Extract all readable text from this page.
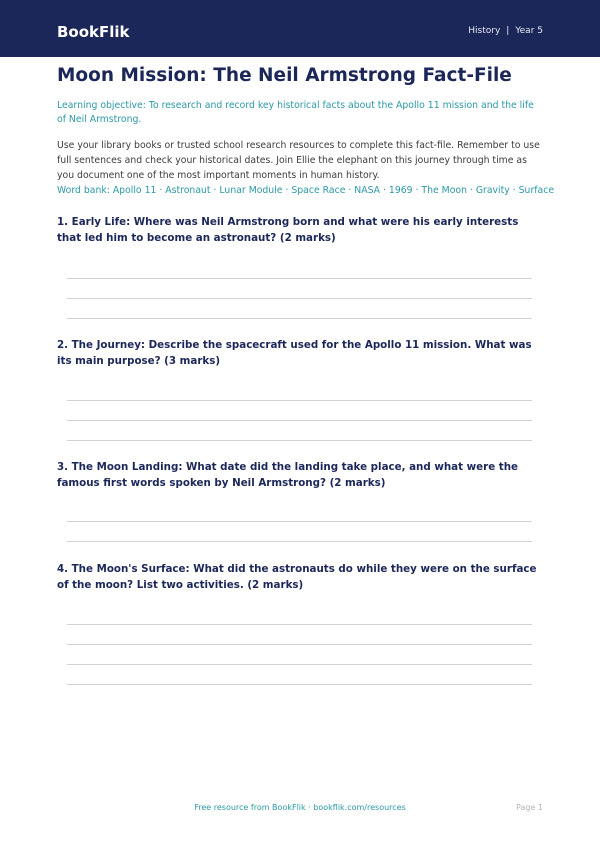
BookFlik	History | Year 5
Moon Mission: The Neil Armstrong Fact-File
Learning objective: To research and record key historical facts about the Apollo 11 mission and the life of Neil Armstrong.
Use your library books or trusted school research resources to complete this fact-file. Remember to use full sentences and check your historical dates. Join Ellie the elephant on this journey through time as you document one of the most important moments in human history.
Word bank: Apollo 11 · Astronaut · Lunar Module · Space Race · NASA · 1969 · The Moon · Gravity · Surface
1. Early Life: Where was Neil Armstrong born and what were his early interests that led him to become an astronaut? (2 marks)
2. The Journey: Describe the spacecraft used for the Apollo 11 mission. What was its main purpose? (3 marks)
3. The Moon Landing: What date did the landing take place, and what were the famous first words spoken by Neil Armstrong? (2 marks)
4. The Moon's Surface: What did the astronauts do while they were on the surface of the moon? List two activities. (2 marks)
Free resource from BookFlik · bookflik.com/resources	Page 1
